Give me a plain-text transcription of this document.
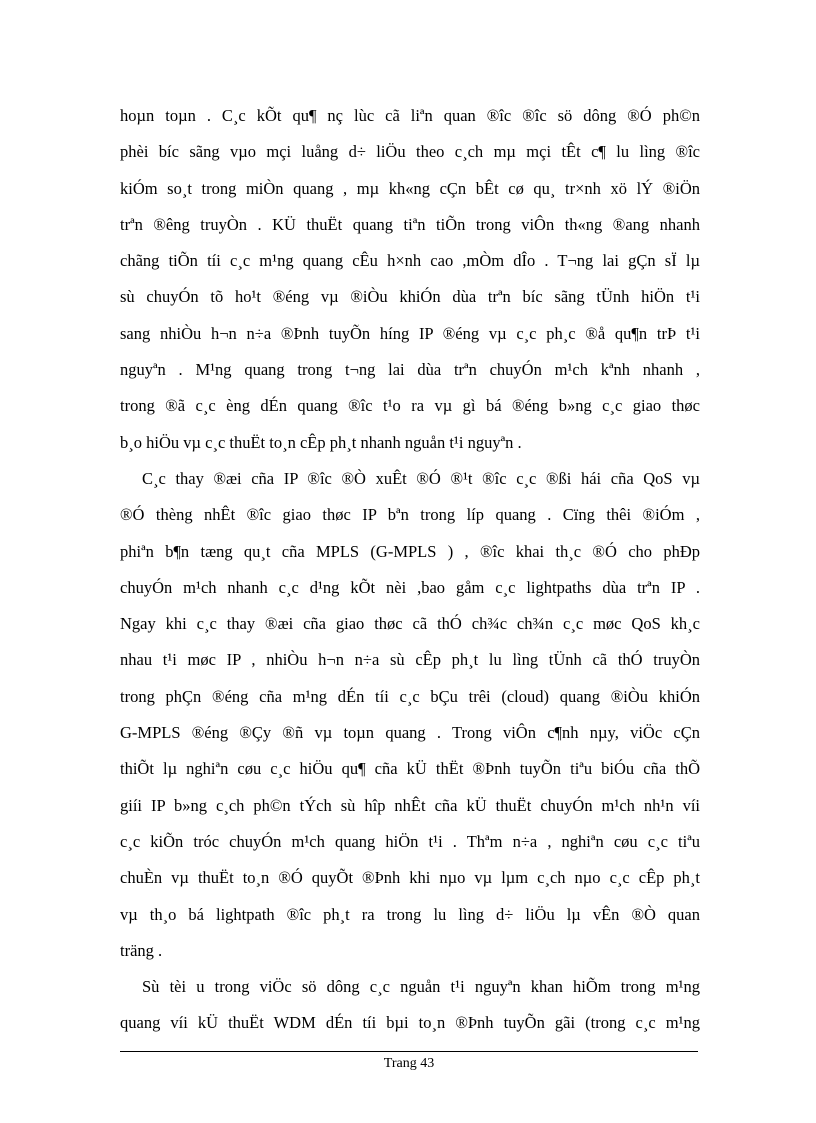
hoµn toµn . C¸c kÕt qu¶ nç lùc cã liªn quan ®îc ®îc sö dông ®Ó ph©n
phèi bíc sãng vµo mçi luång d÷ liÖu theo c¸ch mµ mçi tÊt c¶ lu lìng ®îc
kiÓm so¸t trong miÒn quang , mµ kh«ng cÇn bÊt cø qu¸ tr×nh xö lÝ ®iÖn
trªn ®êng truyÒn . KÜ thuËt quang tiªn tiÕn trong viÔn th«ng ®ang nhanh
chãng tiÕn tíi c¸c m¹ng quang cÊu h×nh cao ,mÒm dÎo . T¬ng lai gÇn sÏ lµ
sù chuyÓn tõ ho¹t ®éng vµ ®iÒu khiÓn dùa trªn bíc sãng tÜnh hiÖn t¹i
sang nhiÒu h¬n n÷a ®Þnh tuyÕn híng IP ®éng vµ c¸c ph¸c ®å qu¶n trÞ t¹i
nguyªn . M¹ng quang trong t¬ng lai dùa trªn chuyÓn m¹ch kªnh nhanh ,
trong ®ã c¸c èng dÉn quang ®îc t¹o ra vµ gì bá ®éng b»ng c¸c giao thøc
b¸o hiÖu vµ c¸c thuËt to¸n cÊp ph¸t nhanh nguån t¹i nguyªn .
C¸c thay ®æi cña IP ®îc ®Ò xuÊt ®Ó ®¹t ®îc c¸c ®ßi hái cña QoS vµ
®Ó thèng nhÊt ®îc giao thøc IP bªn trong líp quang . Cïng thêi ®iÓm ,
phiªn b¶n tæng qu¸t cña MPLS (G-MPLS ) , ®îc khai th¸c ®Ó cho phÐp
chuyÓn m¹ch nhanh c¸c d¹ng kÕt nèi ,bao gåm c¸c lightpaths dùa trªn IP .
Ngay khi c¸c thay ®æi cña giao thøc cã thÓ ch¾c ch¾n c¸c møc QoS kh¸c
nhau t¹i møc IP , nhiÒu h¬n n÷a sù cÊp ph¸t lu lìng tÜnh cã thÓ truyÒn
trong phÇn ®éng cña m¹ng dÉn tíi c¸c bÇu trêi (cloud) quang ®iÒu khiÓn
G-MPLS ®éng ®Çy ®ñ vµ toµn quang . Trong viÔn c¶nh nµy, viÖc cÇn
thiÕt lµ nghiªn cøu c¸c hiÖu qu¶ cña kÜ thËt ®Þnh tuyÕn tiªu biÓu cña thÕ
giíi IP b»ng c¸ch ph©n tÝch sù hîp nhÊt cña kÜ thuËt chuyÓn m¹ch nh¹n víi
c¸c kiÕn tróc chuyÓn m¹ch quang hiÖn t¹i . Thªm n÷a , nghiªn cøu c¸c tiªu
chuÈn vµ thuËt to¸n ®Ó quyÕt ®Þnh khi nµo vµ lµm c¸ch nµo c¸c cÊp ph¸t
vµ th¸o bá lightpath ®îc ph¸t ra trong lu lìng d÷ liÖu lµ vÊn ®Ò quan
träng .
Sù tèi u trong viÖc sö dông c¸c nguån t¹i nguyªn khan hiÕm trong m¹ng
quang víi kÜ thuËt WDM dÉn tíi bµi to¸n ®Þnh tuyÕn gãi (trong c¸c m¹ng
Trang 43
